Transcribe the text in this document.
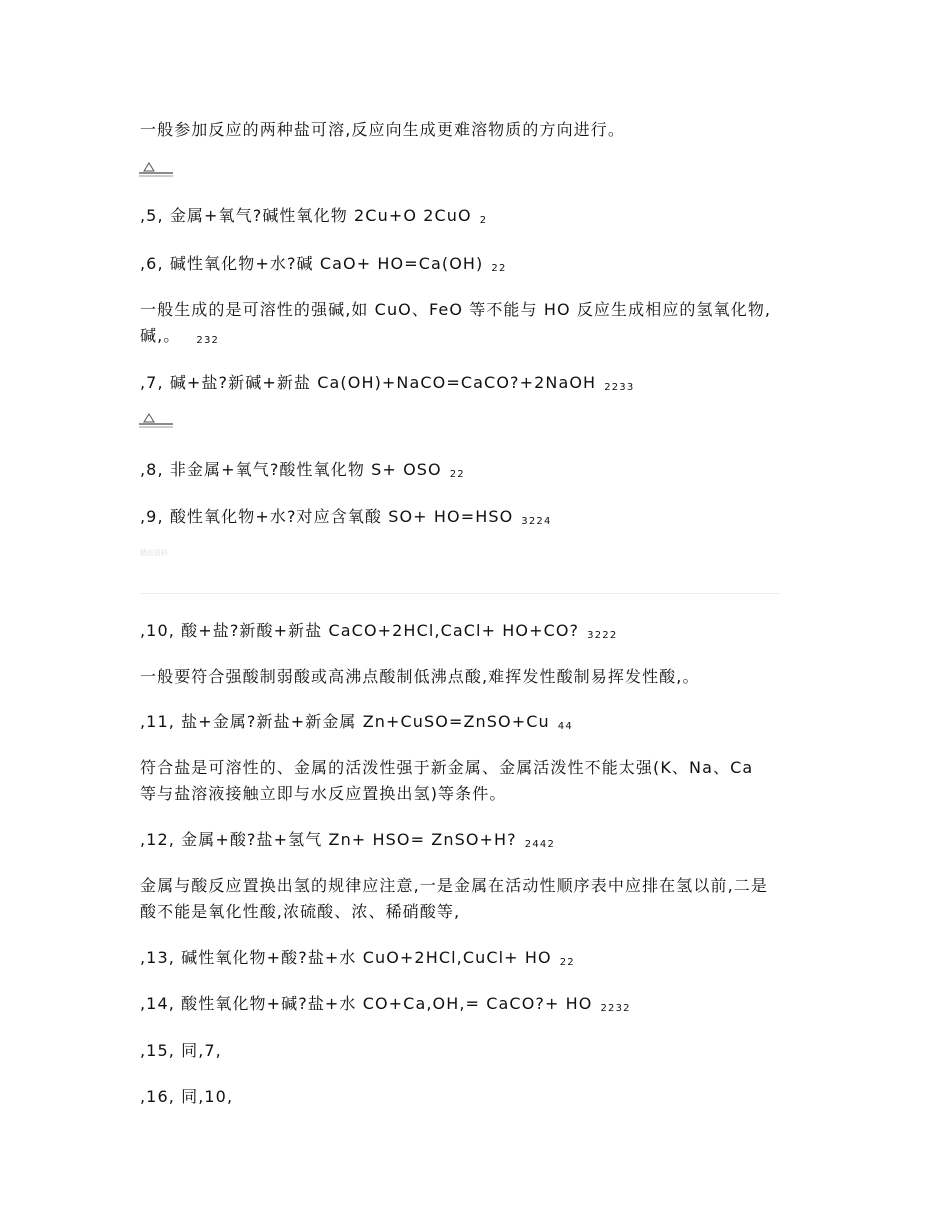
一般参加反应的两种盐可溶,反应向生成更难溶物质的方向进行。
,5, 金属+氧气?碱性氧化物 2Cu+O 2CuO $_2$
,6, 碱性氧化物+水?碱 CaO+ HO=Ca(OH) $_{22}$
一般生成的是可溶性的强碱,如 CuO、FeO 等不能与 HO 反应生成相应的氢氧化物,
碱,。 $_{232}$
,7, 碱+盐?新碱+新盐 Ca(OH)+NaCO=CaCO?+2NaOH $_{2233}$
,8, 非金属+氧气?酸性氧化物 S+ OSO $_{22}$
,9, 酸性氧化物+水?对应含氧酸 SO+ HO=HSO $_{3224}$
精品资料
,10, 酸+盐?新酸+新盐 CaCO+2HCl,CaCl+ HO+CO? $_{3222}$
一般要符合强酸制弱酸或高沸点酸制低沸点酸,难挥发性酸制易挥发性酸,。
,11, 盐+金属?新盐+新金属 Zn+CuSO=ZnSO+Cu $_{44}$
符合盐是可溶性的、金属的活泼性强于新金属、金属活泼性不能太强(K、Na、Ca
等与盐溶液接触立即与水反应置换出氢)等条件。
,12, 金属+酸?盐+氢气 Zn+ HSO= ZnSO+H? $_{2442}$
金属与酸反应置换出氢的规律应注意,一是金属在活动性顺序表中应排在氢以前,二是
酸不能是氧化性酸,浓硫酸、浓、稀硝酸等,
,13, 碱性氧化物+酸?盐+水 CuO+2HCl,CuCl+ HO $_{22}$
,14, 酸性氧化物+碱?盐+水 CO+Ca,OH,= CaCO?+ HO $_{2232}$
,15, 同,7,
,16, 同,10,
